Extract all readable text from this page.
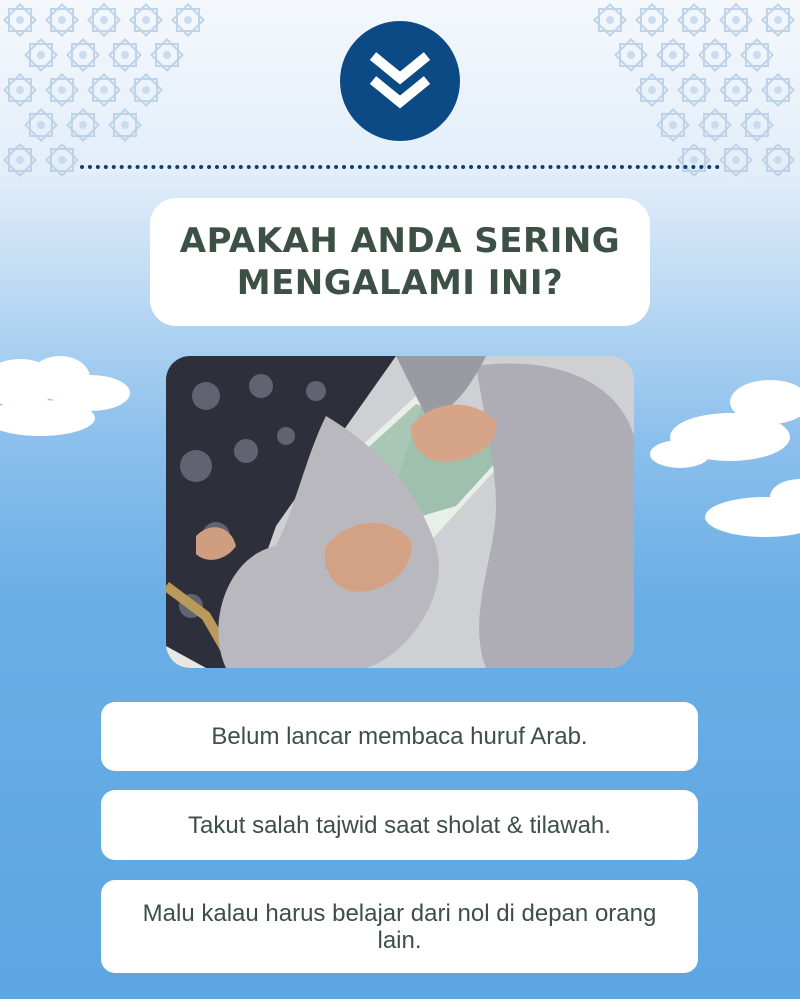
APAKAH ANDA SERING
MENGALAMI INI?
Belum lancar membaca huruf Arab.
Takut salah tajwid saat sholat & tilawah.
Malu kalau harus belajar dari nol di depan orang lain.
